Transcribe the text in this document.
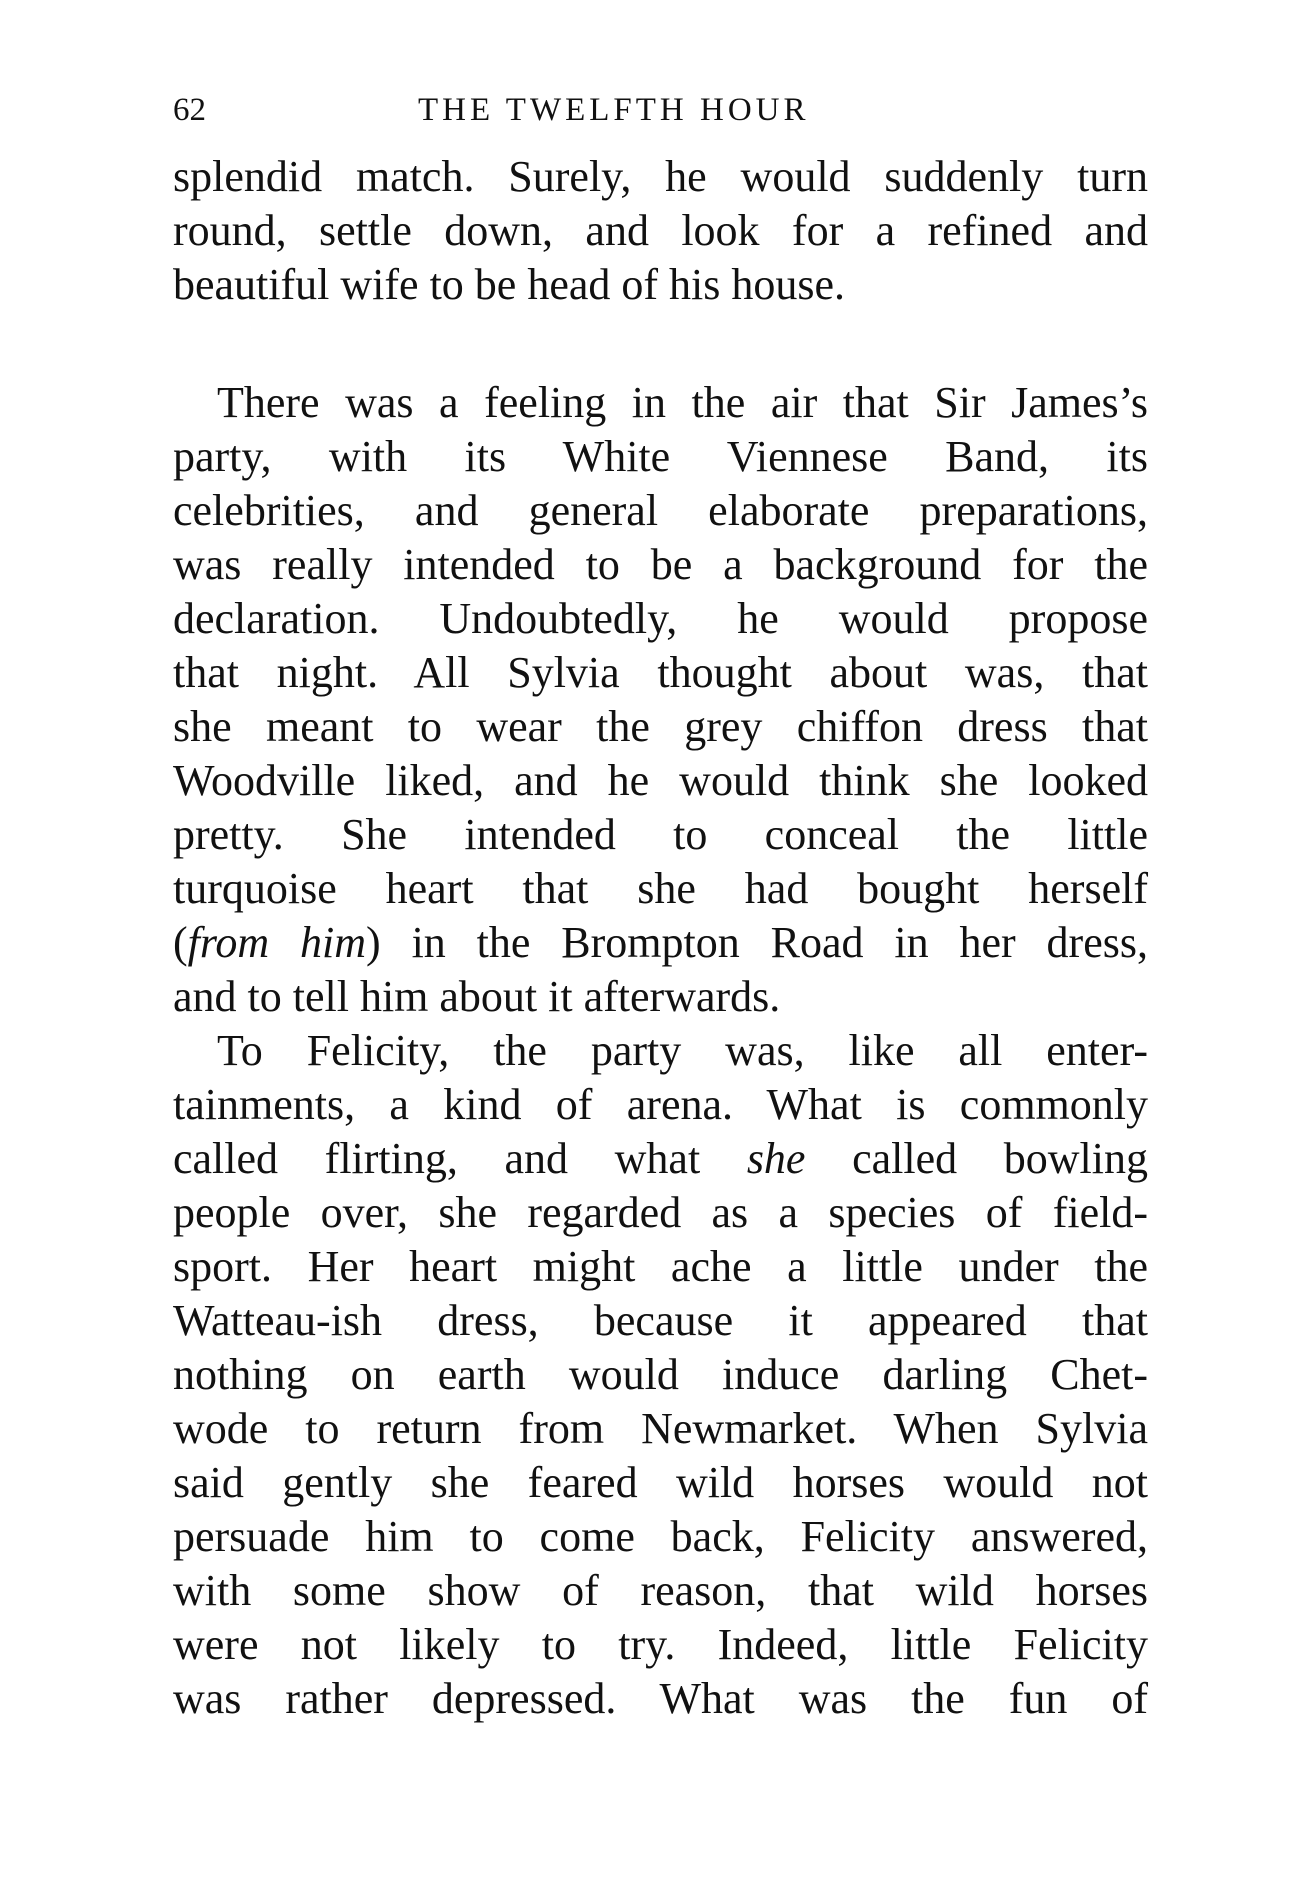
62	THE TWELFTH HOUR
splendid match. Surely, he would suddenly turn
round, settle down, and look for a refined and
beautiful wife to be head of his house.
There was a feeling in the air that Sir James’s
party, with its White Viennese Band, its
celebrities, and general elaborate preparations,
was really intended to be a background for the
declaration. Undoubtedly, he would propose
that night. All Sylvia thought about was, that
she meant to wear the grey chiffon dress that
Woodville liked, and he would think she looked
pretty. She intended to conceal the little
turquoise heart that she had bought herself
(from him) in the Brompton Road in her dress,
and to tell him about it afterwards.
To Felicity, the party was, like all enter-
tainments, a kind of arena. What is commonly
called flirting, and what she called bowling
people over, she regarded as a species of field-
sport. Her heart might ache a little under the
Watteau-ish dress, because it appeared that
nothing on earth would induce darling Chet-
wode to return from Newmarket. When Sylvia
said gently she feared wild horses would not
persuade him to come back, Felicity answered,
with some show of reason, that wild horses
were not likely to try. Indeed, little Felicity
was rather depressed. What was the fun of
